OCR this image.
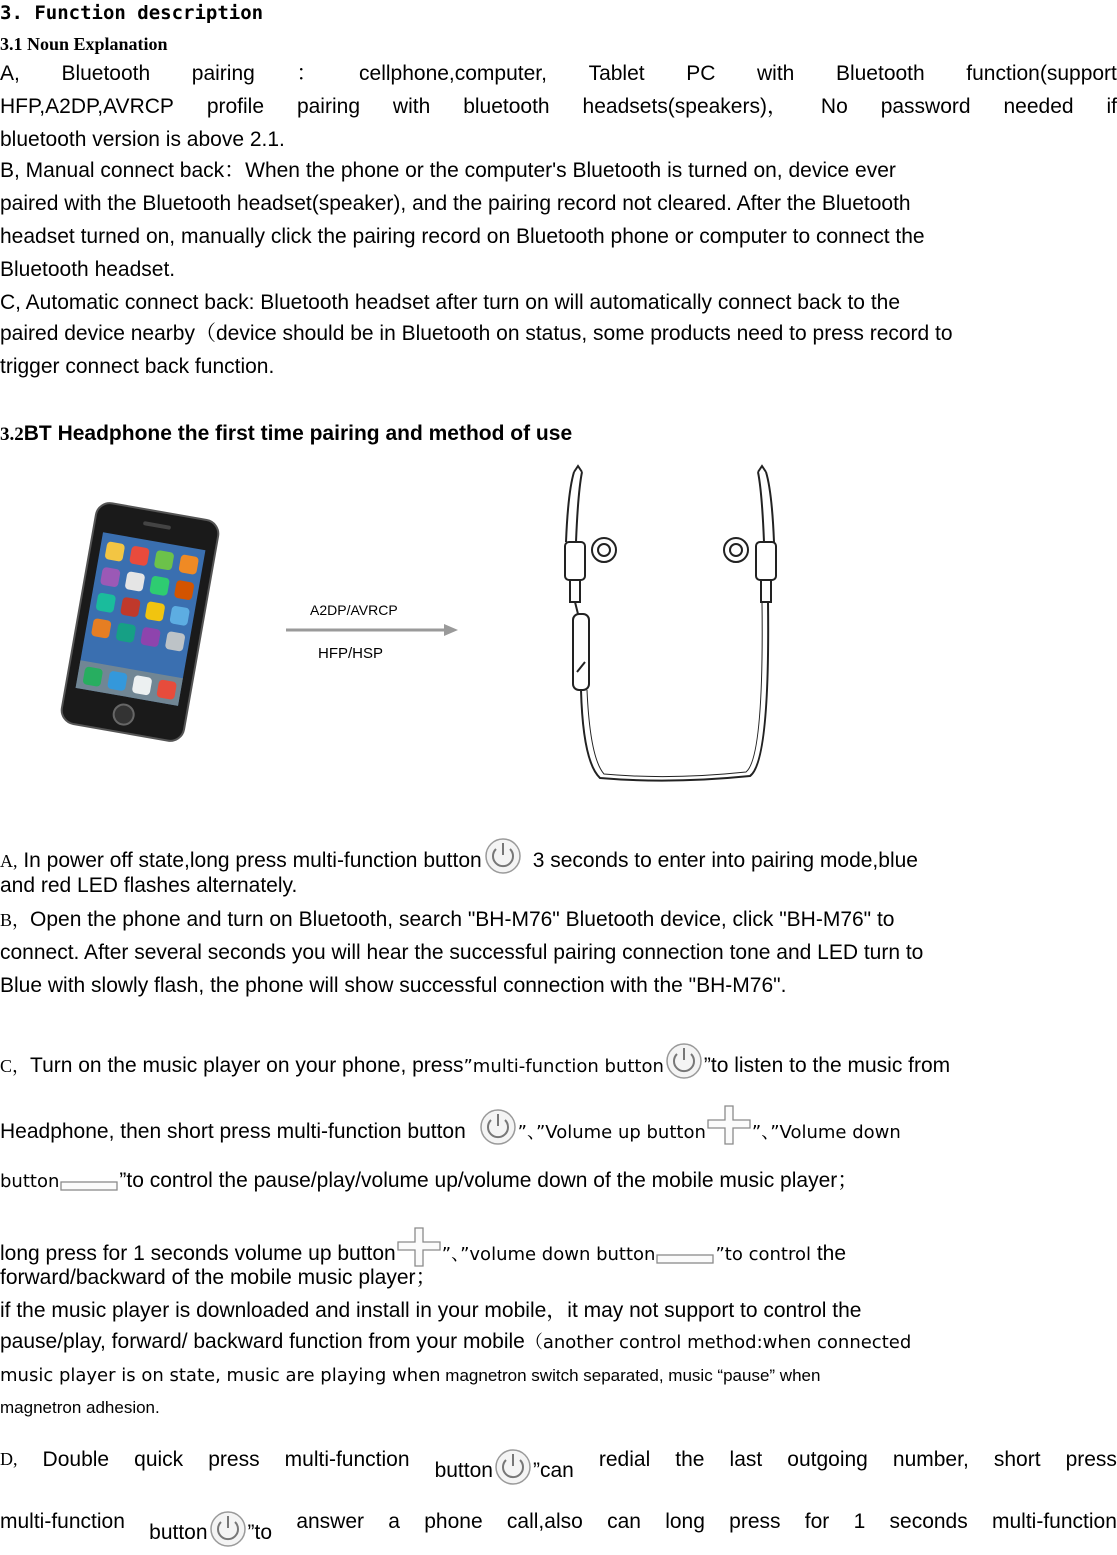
3. Function description
3.1 Noun Explanation
A, Bluetooth pairing ： cellphone,computer, Tablet PC with Bluetooth function(support
HFP,A2DP,AVRCP profile pairing with bluetooth headsets(speakers)， No password needed if
bluetooth version is above 2.1.
B, Manual connect back：When the phone or the computer's Bluetooth is turned on, device ever
paired with the Bluetooth headset(speaker), and the pairing record not cleared. After the Bluetooth
headset turned on, manually click the pairing record on Bluetooth phone or computer to connect the
Bluetooth headset.
C, Automatic connect back: Bluetooth headset after turn on will automatically connect back to the
paired device nearby（device should be in Bluetooth on status, some products need to press record to
trigger connect back function.
3.2BT Headphone the first time pairing and method of use
A2DP/AVRCP
HFP/HSP
A, In power off state,long press multi-function button 3 seconds to enter into pairing mode,blue
and red LED flashes alternately.
B，Open the phone and turn on Bluetooth, search "BH-M76" Bluetooth device, click "BH-M76" to
connect. After several seconds you will hear the successful pairing connection tone and LED turn to
Blue with slowly flash, the phone will show successful connection with the "BH-M76".
C，Turn on the music player on your phone, press”multi-function button ”to listen to the music from
Headphone, then short press multi-function button	”、”Volume up button	”、”Volume down
button	”to control the pause/play/volume up/volume down of the mobile music player；
long press for 1 seconds volume up button	”、”volume down button	”to control the
forward/backward of the mobile music player；
if the music player is downloaded and install in your mobile，it may not support to control the
pause/play, forward/ backward function from your mobile（another control method:when connected
music player is on state, music are playing when magnetron switch separated, music “pause” when
magnetron adhesion.
D, Double quick press multi-function button ”can redial the last outgoing number, short press
multi-function button ”to answer a phone call,also can long press for 1 seconds multi-function
